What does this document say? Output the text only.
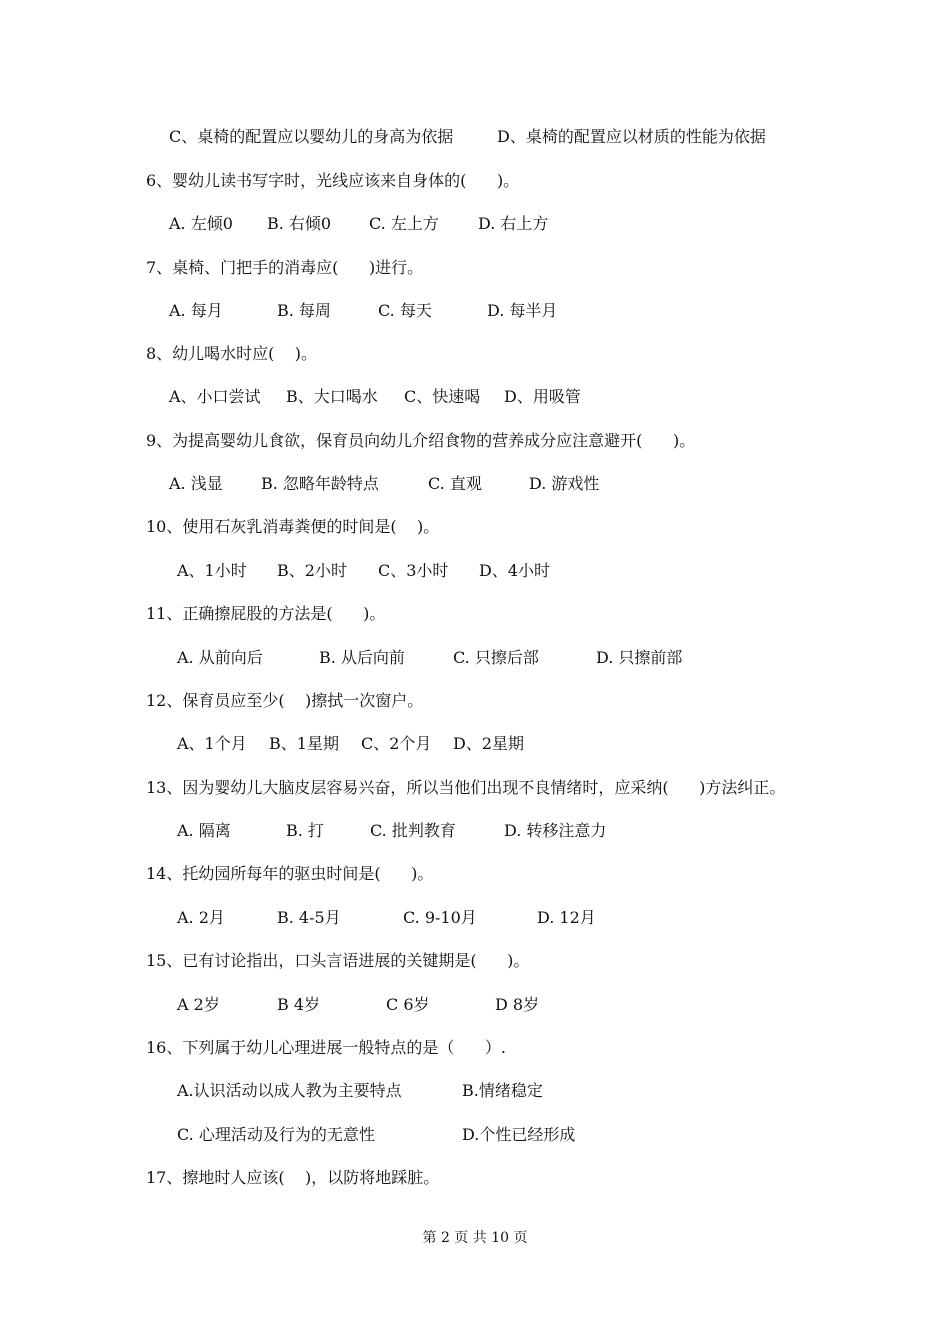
C、桌椅的配置应以婴幼儿的身高为依据	D、桌椅的配置应以材质的性能为依据
6、婴幼儿读书写字时，光线应该来自身体的(      )。
A. 左倾0 B. 右倾0 C. 左上方 D. 右上方
7、桌椅、门把手的消毒应(      )进行。
A. 每月	B. 每周	C. 每天	D. 每半月
8、幼儿喝水时应(    )。
A、小口尝试 B、大口喝水 C、快速喝 D、用吸管
9、为提高婴幼儿食欲，保育员向幼儿介绍食物的营养成分应注意避开(      )。
A. 浅显 B. 忽略年龄特点	C. 直观	D. 游戏性
10、使用石灰乳消毒粪便的时间是(    )。
A、1小时 B、2小时 C、3小时 D、4小时
11、正确擦屁股的方法是(      )。
A. 从前向后	B. 从后向前	C. 只擦后部	D. 只擦前部
12、保育员应至少(    )擦拭一次窗户。
A、1个月 B、1星期 C、2个月 D、2星期
13、因为婴幼儿大脑皮层容易兴奋，所以当他们出现不良情绪时，应采纳(      )方法纠正。
A. 隔离	B. 打	C. 批判教育	D. 转移注意力
14、托幼园所每年的驱虫时间是(      )。
A. 2月	B. 4-5月	C. 9-10月	D. 12月
15、已有讨论指出，口头言语进展的关键期是(      )。
A 2岁	B 4岁	C 6岁	D 8岁
16、下列属于幼儿心理进展一般特点的是（      ）.
A.认识活动以成人教为主要特点	B.情绪稳定
C. 心理活动及行为的无意性	D.个性已经形成
17、擦地时人应该(    )，以防将地踩脏。
第 2 页 共 10 页
